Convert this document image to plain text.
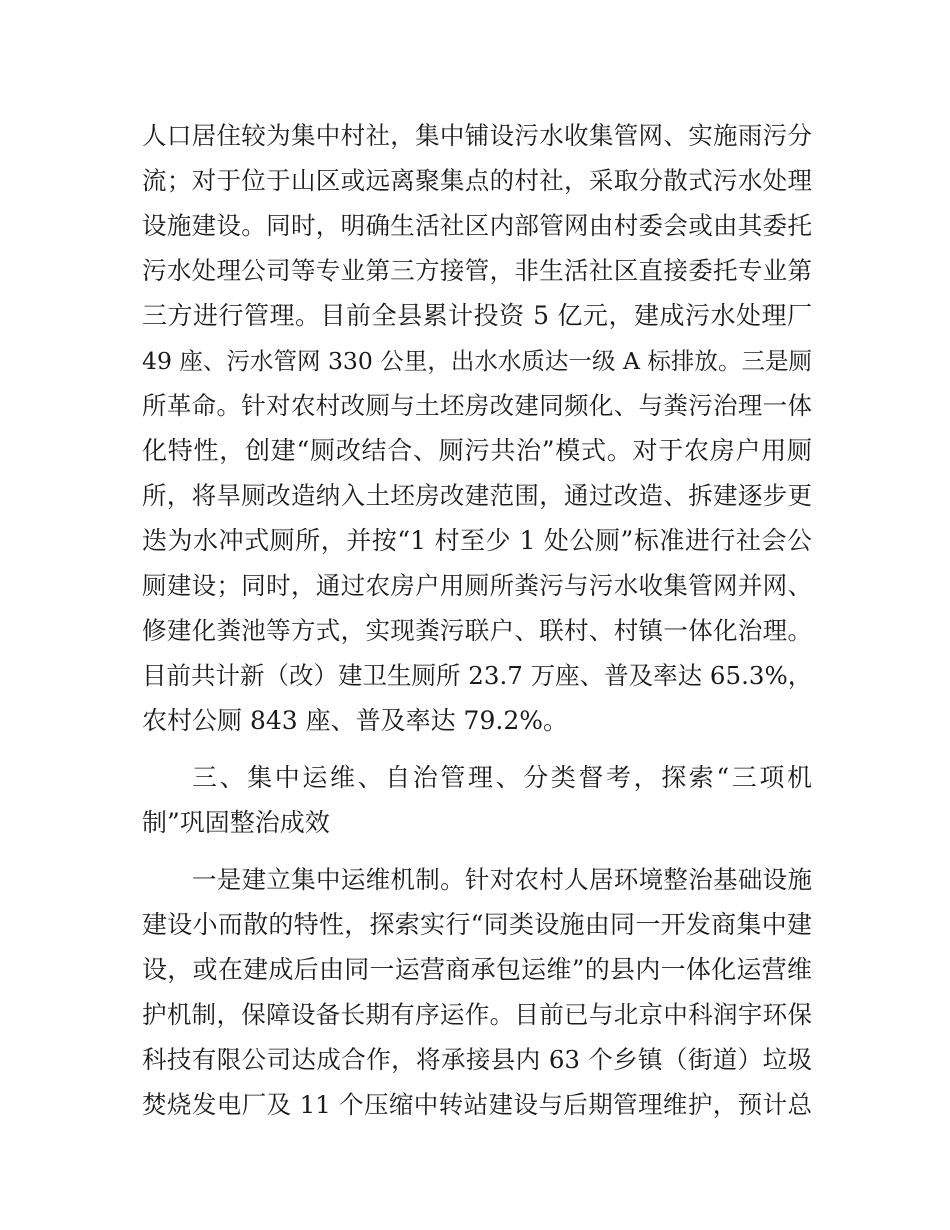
人口居住较为集中村社，集中铺设污水收集管网、实施雨污分
流；对于位于山区或远离聚集点的村社，采取分散式污水处理
设施建设。同时，明确生活社区内部管网由村委会或由其委托
污水处理公司等专业第三方接管，非生活社区直接委托专业第
三方进行管理。目前全县累计投资 5 亿元，建成污水处理厂
49 座、污水管网 330 公里，出水水质达一级 A 标排放。三是厕
所革命。针对农村改厕与土坯房改建同频化、与粪污治理一体
化特性，创建“厕改结合、厕污共治”模式。对于农房户用厕
所，将旱厕改造纳入土坯房改建范围，通过改造、拆建逐步更
迭为水冲式厕所，并按“1 村至少 1 处公厕”标准进行社会公
厕建设；同时，通过农房户用厕所粪污与污水收集管网并网、
修建化粪池等方式，实现粪污联户、联村、村镇一体化治理。
目前共计新（改）建卫生厕所 23.7 万座、普及率达 65.3%，
农村公厕 843 座、普及率达 79.2%。
三、集中运维、自治管理、分类督考，探索“三项机
制”巩固整治成效
一是建立集中运维机制。针对农村人居环境整治基础设施
建设小而散的特性，探索实行“同类设施由同一开发商集中建
设，或在建成后由同一运营商承包运维”的县内一体化运营维
护机制，保障设备长期有序运作。目前已与北京中科润宇环保
科技有限公司达成合作，将承接县内 63 个乡镇（街道）垃圾
焚烧发电厂及 11 个压缩中转站建设与后期管理维护，预计总
